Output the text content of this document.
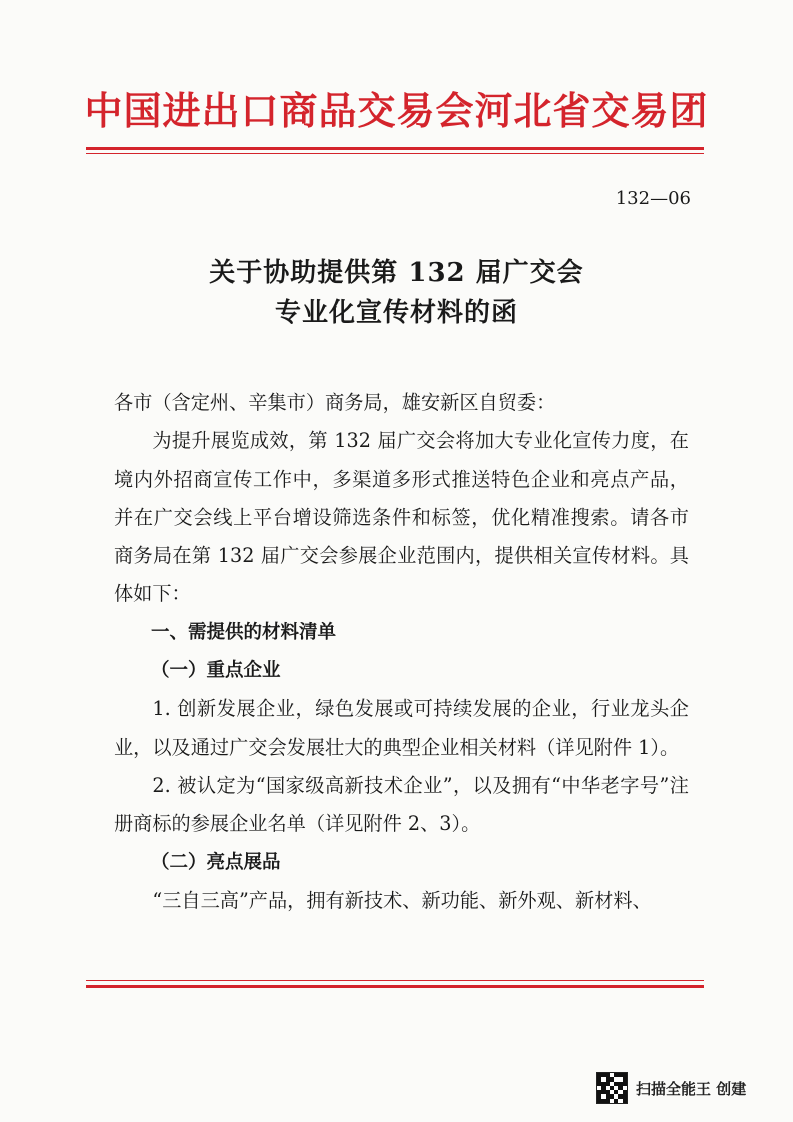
中国进出口商品交易会河北省交易团
132—06
关于协助提供第 132 届广交会
专业化宣传材料的函

各市（含定州、辛集市）商务局，雄安新区自贸委：

为提升展览成效，第 132 届广交会将加大专业化宣传力度，在境内外招商宣传工作中，多渠道多形式推送特色企业和亮点产品，并在广交会线上平台增设筛选条件和标签，优化精准搜索。请各市商务局在第 132 届广交会参展企业范围内，提供相关宣传材料。具体如下：

一、需提供的材料清单

（一）重点企业

1. 创新发展企业，绿色发展或可持续发展的企业，行业龙头企业，以及通过广交会发展壮大的典型企业相关材料（详见附件 1）。

2. 被认定为“国家级高新技术企业”，以及拥有“中华老字号”注册商标的参展企业名单（详见附件 2、3）。

（二）亮点展品

“三自三高”产品，拥有新技术、新功能、新外观、新材料、

扫描全能王 创建
